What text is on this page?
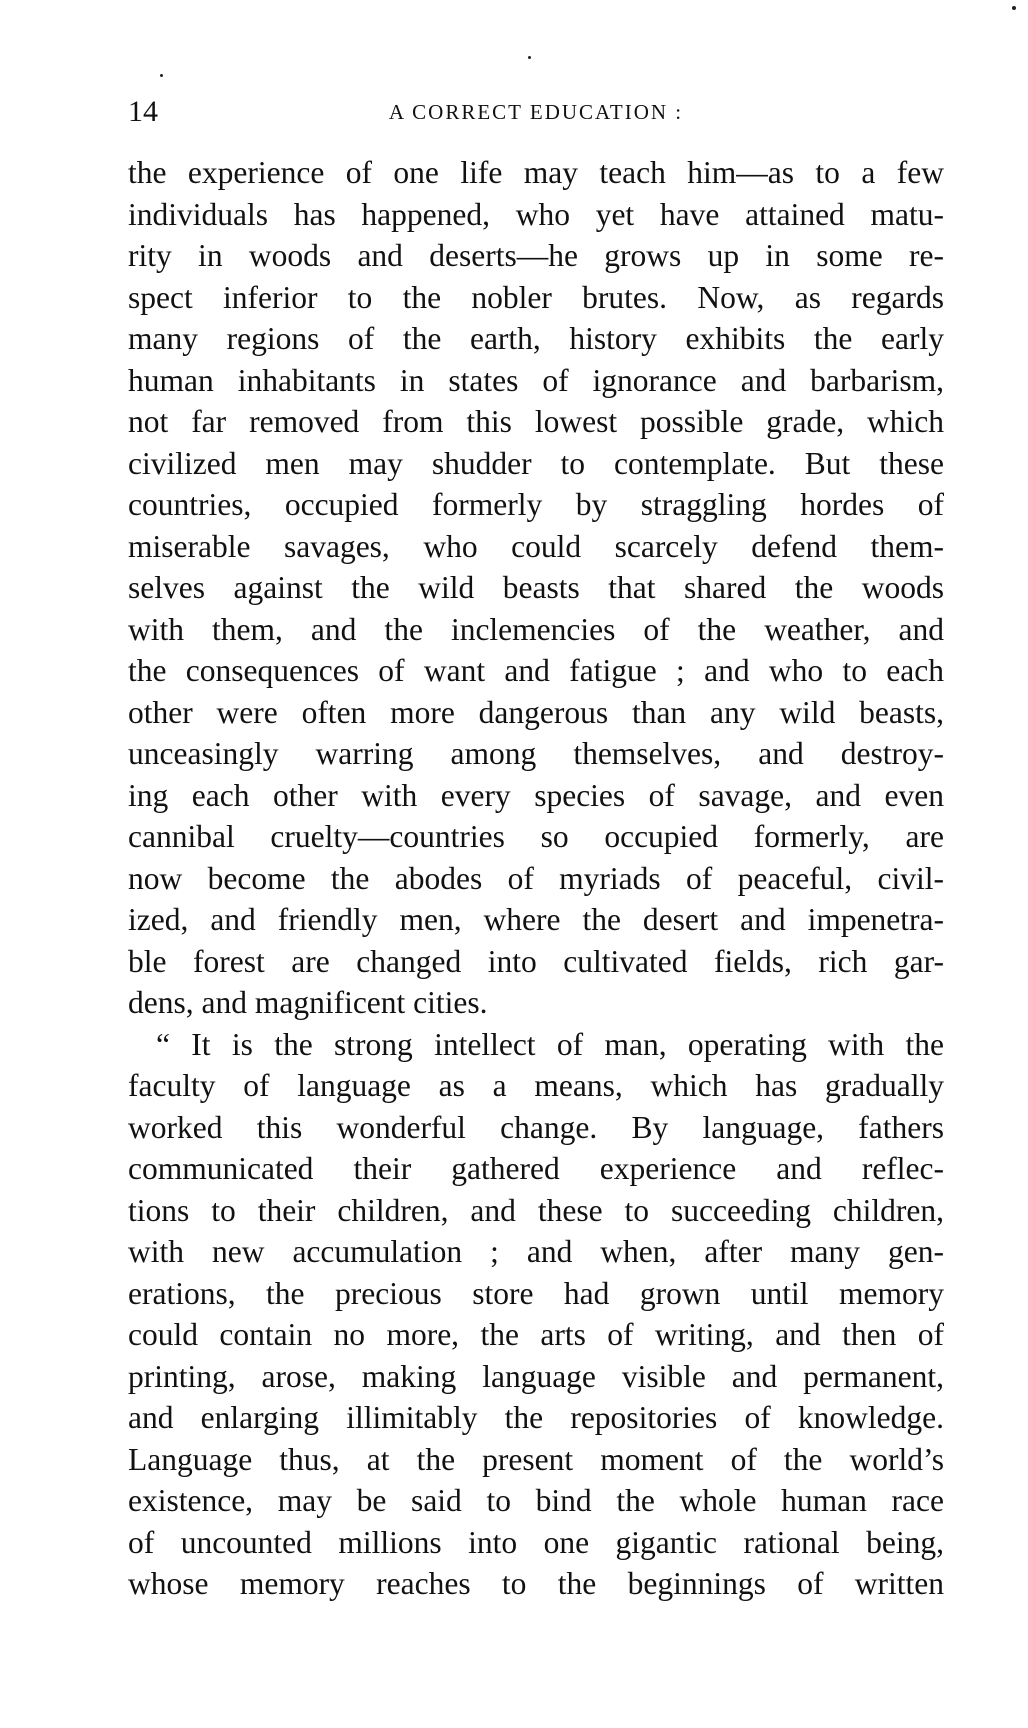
14	A CORRECT EDUCATION :
the experience of one life may teach him—as to a few
individuals has happened, who yet have attained matu-
rity in woods and deserts—he grows up in some re-
spect inferior to the nobler brutes. Now, as regards
many regions of the earth, history exhibits the early
human inhabitants in states of ignorance and barbarism,
not far removed from this lowest possible grade, which
civilized men may shudder to contemplate. But these
countries, occupied formerly by straggling hordes of
miserable savages, who could scarcely defend them-
selves against the wild beasts that shared the woods
with them, and the inclemencies of the weather, and
the consequences of want and fatigue ; and who to each
other were often more dangerous than any wild beasts,
unceasingly warring among themselves, and destroy-
ing each other with every species of savage, and even
cannibal cruelty—countries so occupied formerly, are
now become the abodes of myriads of peaceful, civil-
ized, and friendly men, where the desert and impenetra-
ble forest are changed into cultivated fields, rich gar-
dens, and magnificent cities.
“ It is the strong intellect of man, operating with the
faculty of language as a means, which has gradually
worked this wonderful change. By language, fathers
communicated their gathered experience and reflec-
tions to their children, and these to succeeding children,
with new accumulation ; and when, after many gen-
erations, the precious store had grown until memory
could contain no more, the arts of writing, and then of
printing, arose, making language visible and permanent,
and enlarging illimitably the repositories of knowledge.
Language thus, at the present moment of the world’s
existence, may be said to bind the whole human race
of uncounted millions into one gigantic rational being,
whose memory reaches to the beginnings of written
